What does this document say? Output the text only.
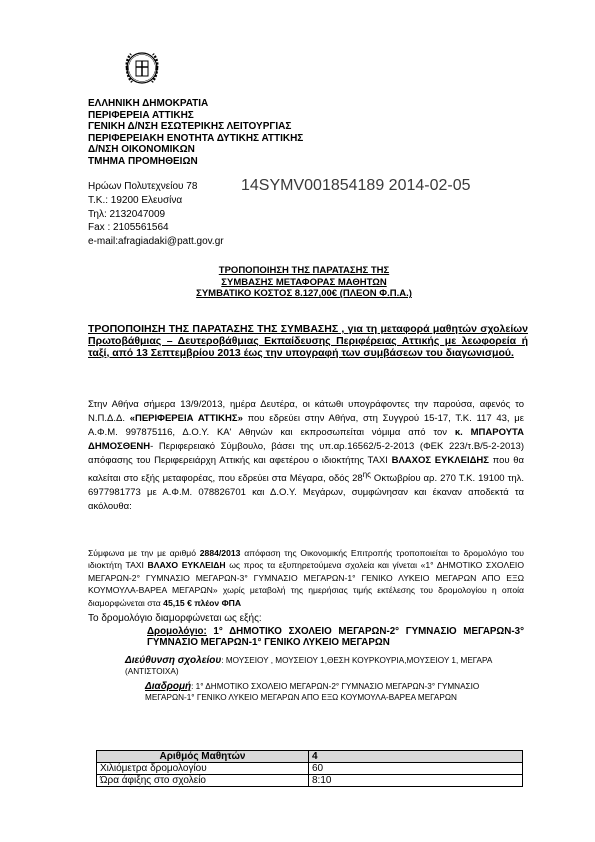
ΕΛΛΗΝΙΚΗ ΔΗΜΟΚΡΑΤΙΑ
ΠΕΡΙΦΕΡΕΙΑ ΑΤΤΙΚΗΣ
ΓΕΝΙΚΗ Δ/ΝΣΗ ΕΣΩΤΕΡΙΚΗΣ ΛΕΙΤΟΥΡΓΙΑΣ
ΠΕΡΙΦΕΡΕΙΑΚΗ ΕΝΟΤΗΤΑ ΔΥΤΙΚΗΣ ΑΤΤΙΚΗΣ
Δ/ΝΣΗ ΟΙΚΟΝΟΜΙΚΩΝ
ΤΜΗΜΑ ΠΡΟΜΗΘΕΙΩΝ
Ηρώων Πολυτεχνείου 78
Τ.Κ.: 19200 Ελευσίνα
Τηλ: 2132047009
Fax : 2105561564
e-mail:afragiadaki@patt.gov.gr
14SYMV001854189 2014-02-05
ΤΡΟΠΟΠΟΙΗΣΗ ΤΗΣ ΠΑΡΑΤΑΣΗΣ ΤΗΣ
ΣΥΜΒΑΣΗΣ ΜΕΤΑΦΟΡΑΣ ΜΑΘΗΤΩΝ
ΣΥΜΒΑΤΙΚΟ ΚΟΣΤΟΣ 8.127,00€ (ΠΛΕΟΝ Φ.Π.Α.)
ΤΡΟΠΟΠΟΙΗΣΗ ΤΗΣ ΠΑΡΑΤΑΣΗΣ ΤΗΣ ΣΥΜΒΑΣΗΣ , για τη μεταφορά μαθητών σχολείων Πρωτοβάθμιας – Δευτεροβάθμιας Εκπαίδευσης Περιφέρειας Αττικής με λεωφορεία ή ταξί, από 13 Σεπτεμβρίου 2013 έως την υπογραφή των συμβάσεων του διαγωνισμού.
Στην Αθήνα σήμερα 13/9/2013, ημέρα Δευτέρα, οι κάτωθι υπογράφοντες την παρούσα, αφενός το Ν.Π.Δ.Δ. «ΠΕΡΙΦΕΡΕΙΑ ΑΤΤΙΚΗΣ» που εδρεύει στην Αθήνα, στη Συγγρού 15-17, Τ.Κ. 117 43, με Α.Φ.Μ. 997875116, Δ.Ο.Υ. ΚΑ' Αθηνών και εκπροσωπείται νόμιμα από τον κ. ΜΠΑΡΟΥΤΑ ΔΗΜΟΣΘΕΝΗ- Περιφερειακό Σύμβουλο, βάσει της υπ.αρ.16562/5-2-2013 (ΦΕΚ 223/τ.Β/5-2-2013) απόφασης του Περιφερειάρχη Αττικής και αφετέρου ο ιδιοκτήτης ΤΑΧΙ ΒΛΑΧΟΣ ΕΥΚΛΕΙΔΗΣ που θα καλείται στο εξής μεταφορέας, που εδρεύει στα Μέγαρα, οδός $28^{\eta\varsigma}$ Οκτωβρίου αρ. 270 Τ.Κ. 19100 τηλ. 6977981773 με Α.Φ.Μ. 078826701 και Δ.Ο.Υ. Μεγάρων, συμφώνησαν και έκαναν αποδεκτά τα ακόλουθα:
Σύμφωνα με την με αριθμό 2884/2013 απόφαση της Οικονομικής Επιτροπής τροποποιείται το δρομολόγιο του ιδιοκτήτη ΤΑΧΙ ΒΛΑΧΟ ΕΥΚΛΕΙΔΗ ως προς τα εξυπηρετούμενα σχολεία και γίνεται «1° ΔΗΜΟΤΙΚΟ ΣΧΟΛΕΙΟ ΜΕΓΑΡΩΝ-2° ΓΥΜΝΑΣΙΟ ΜΕΓΑΡΩΝ-3° ΓΥΜΝΑΣΙΟ ΜΕΓΑΡΩΝ-1° ΓΕΝΙΚΟ ΛΥΚΕΙΟ ΜΕΓΑΡΩΝ ΑΠΟ ΕΞΩ ΚΟΥΜΟΥΛΑ-ΒΑΡΕΑ ΜΕΓΑΡΩΝ» χωρίς μεταβολή της ημερήσιας τιμής εκτέλεσης του δρομολογίου η οποία διαμορφώνεται στα 45,15 € πλέον ΦΠΑ
Το δρομολόγιο διαμορφώνεται ως εξής:
Δρομολόγιο: 1° ΔΗΜΟΤΙΚΟ ΣΧΟΛΕΙΟ ΜΕΓΑΡΩΝ-2° ΓΥΜΝΑΣΙΟ ΜΕΓΑΡΩΝ-3° ΓΥΜΝΑΣΙΟ ΜΕΓΑΡΩΝ-1° ΓΕΝΙΚΟ ΛΥΚΕΙΟ ΜΕΓΑΡΩΝ
Διεύθυνση σχολείου: ΜΟΥΣΕΙΟΥ , ΜΟΥΣΕΙΟΥ 1,ΘΕΣΗ ΚΟΥΡΚΟΥΡΙΑ,ΜΟΥΣΕΙΟΥ 1, ΜΕΓΑΡΑ (ΑΝΤΙΣΤΟΙΧΑ)
Διαδρομή: 1° ΔΗΜΟΤΙΚΟ ΣΧΟΛΕΙΟ ΜΕΓΑΡΩΝ-2° ΓΥΜΝΑΣΙΟ ΜΕΓΑΡΩΝ-3° ΓΥΜΝΑΣΙΟ ΜΕΓΑΡΩΝ-1° ΓΕΝΙΚΟ ΛΥΚΕΙΟ ΜΕΓΑΡΩΝ ΑΠΟ ΕΞΩ ΚΟΥΜΟΥΛΑ-ΒΑΡΕΑ ΜΕΓΑΡΩΝ
Αριθμός Μαθητών	4
Χιλιόμετρα δρομολογίου	60
Ώρα άφιξης στο σχολείο	8:10
